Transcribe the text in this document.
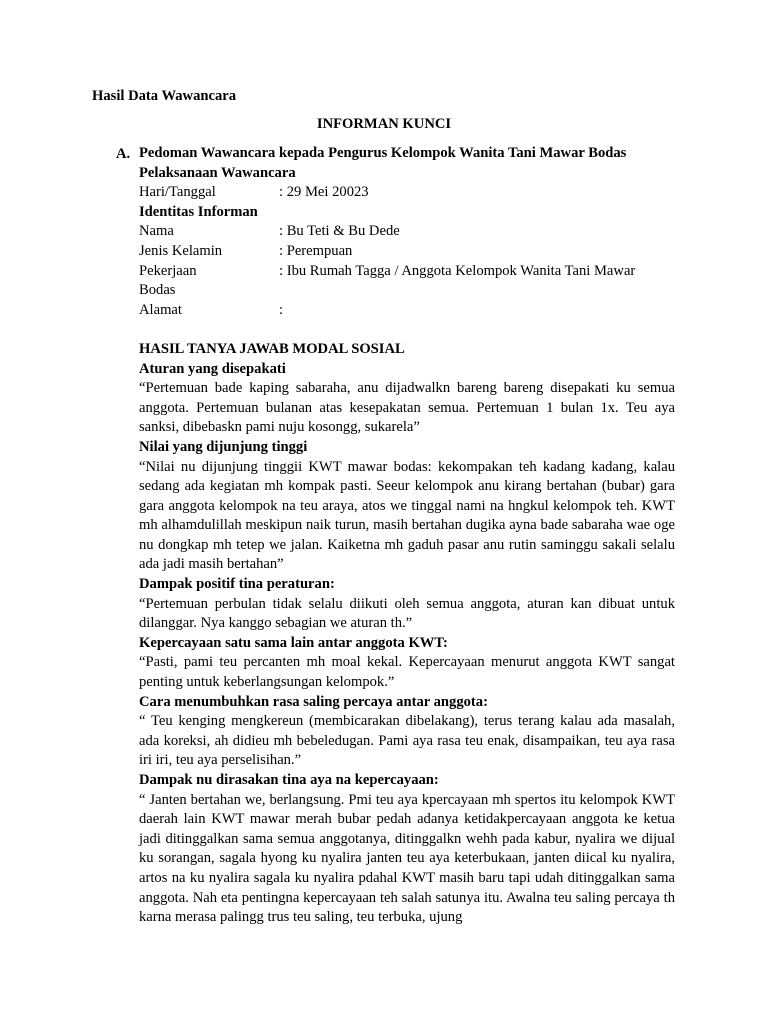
Hasil Data Wawancara
INFORMAN KUNCI
A. Pedoman Wawancara kepada Pengurus Kelompok Wanita Tani Mawar Bodas
Pelaksanaan Wawancara
Hari/Tanggal	: 29 Mei 20023
Identitas Informan
Nama	: Bu Teti & Bu Dede
Jenis Kelamin	: Perempuan
Pekerjaan	: Ibu Rumah Tagga / Anggota Kelompok Wanita Tani Mawar
Bodas
Alamat	:
HASIL TANYA JAWAB MODAL SOSIAL
Aturan yang disepakati
“Pertemuan bade kaping sabaraha, anu dijadwalkn bareng bareng disepakati ku semua anggota. Pertemuan bulanan atas kesepakatan semua. Pertemuan 1 bulan 1x. Teu aya sanksi, dibebaskn pami nuju kosongg, sukarela”
Nilai yang dijunjung tinggi
“Nilai nu dijunjung tinggii KWT mawar bodas: kekompakan teh kadang kadang, kalau sedang ada kegiatan mh kompak pasti. Seeur kelompok anu kirang bertahan (bubar) gara gara anggota kelompok na teu araya, atos we tinggal nami na hngkul kelompok teh. KWT mh alhamdulillah meskipun naik turun, masih bertahan dugika ayna bade sabaraha wae oge nu dongkap mh tetep we jalan. Kaiketna mh gaduh pasar anu rutin saminggu sakali selalu ada jadi masih bertahan”
Dampak positif tina peraturan:
“Pertemuan perbulan tidak selalu diikuti oleh semua anggota, aturan kan dibuat untuk dilanggar. Nya kanggo sebagian we aturan th.”
Kepercayaan satu sama lain antar anggota KWT:
“Pasti, pami teu percanten mh moal kekal. Kepercayaan menurut anggota KWT sangat penting untuk keberlangsungan kelompok.”
Cara menumbuhkan rasa saling percaya antar anggota:
“ Teu kenging mengkereun (membicarakan dibelakang), terus terang kalau ada masalah, ada koreksi, ah didieu mh bebeledugan. Pami aya rasa teu enak, disampaikan, teu aya rasa iri iri, teu aya perselisihan.”
Dampak nu dirasakan tina aya na kepercayaan:
“ Janten bertahan we, berlangsung. Pmi teu aya kpercayaan mh spertos itu kelompok KWT daerah lain KWT mawar merah bubar pedah adanya ketidakpercayaan anggota ke ketua jadi ditinggalkan sama semua anggotanya, ditinggalkn wehh pada kabur, nyalira we dijual ku sorangan, sagala hyong ku nyalira janten teu aya keterbukaan, janten diical ku nyalira, artos na ku nyalira sagala ku nyalira pdahal KWT masih baru tapi udah ditinggalkan sama anggota. Nah eta pentingna kepercayaan teh salah satunya itu. Awalna teu saling percaya th karna merasa palingg trus teu saling, teu terbuka, ujung
